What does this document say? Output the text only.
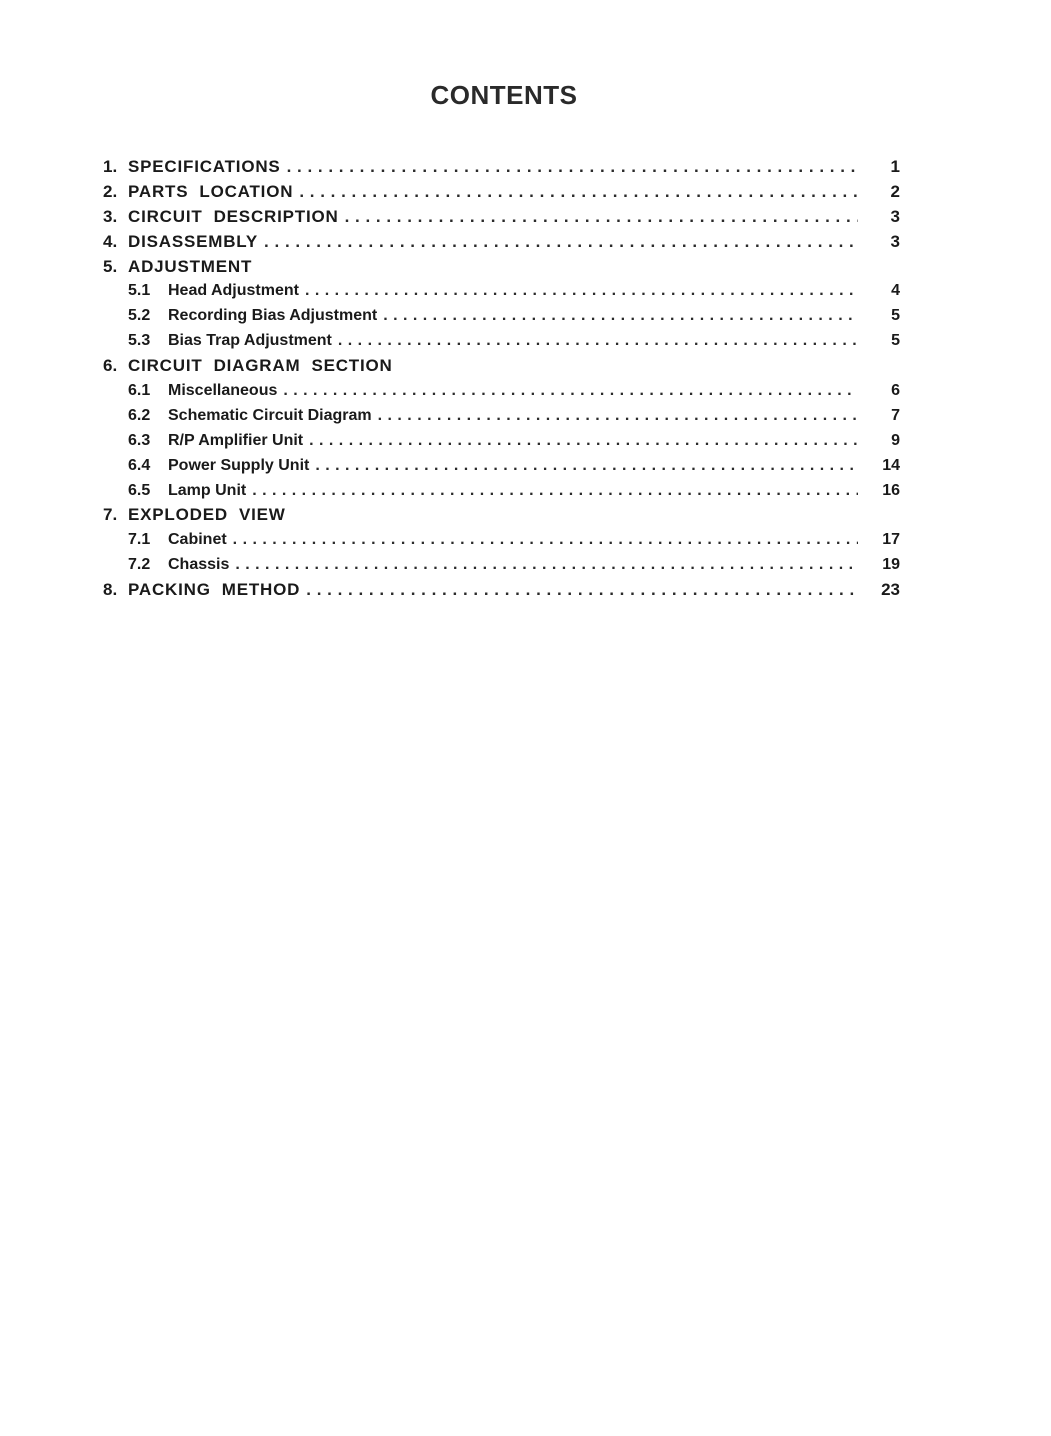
CONTENTS
1. SPECIFICATIONS . . .	1
2. PARTS  LOCATION . . .	2
3. CIRCUIT  DESCRIPTION . . .	3
4. DISASSEMBLY . . .	3
5. ADJUSTMENT
5.1	Head Adjustment . . .	4
5.2	Recording Bias Adjustment . . .	5
5.3	Bias Trap Adjustment . . .	5
6. CIRCUIT  DIAGRAM  SECTION
6.1	Miscellaneous . . .	6
6.2	Schematic Circuit Diagram . . .	7
6.3	R/P Amplifier Unit . . .	9
6.4	Power Supply Unit . . .	14
6.5	Lamp Unit . . .	16
7. EXPLODED  VIEW
7.1	Cabinet . . .	17
7.2	Chassis . . .	19
8. PACKING  METHOD . . .	23
